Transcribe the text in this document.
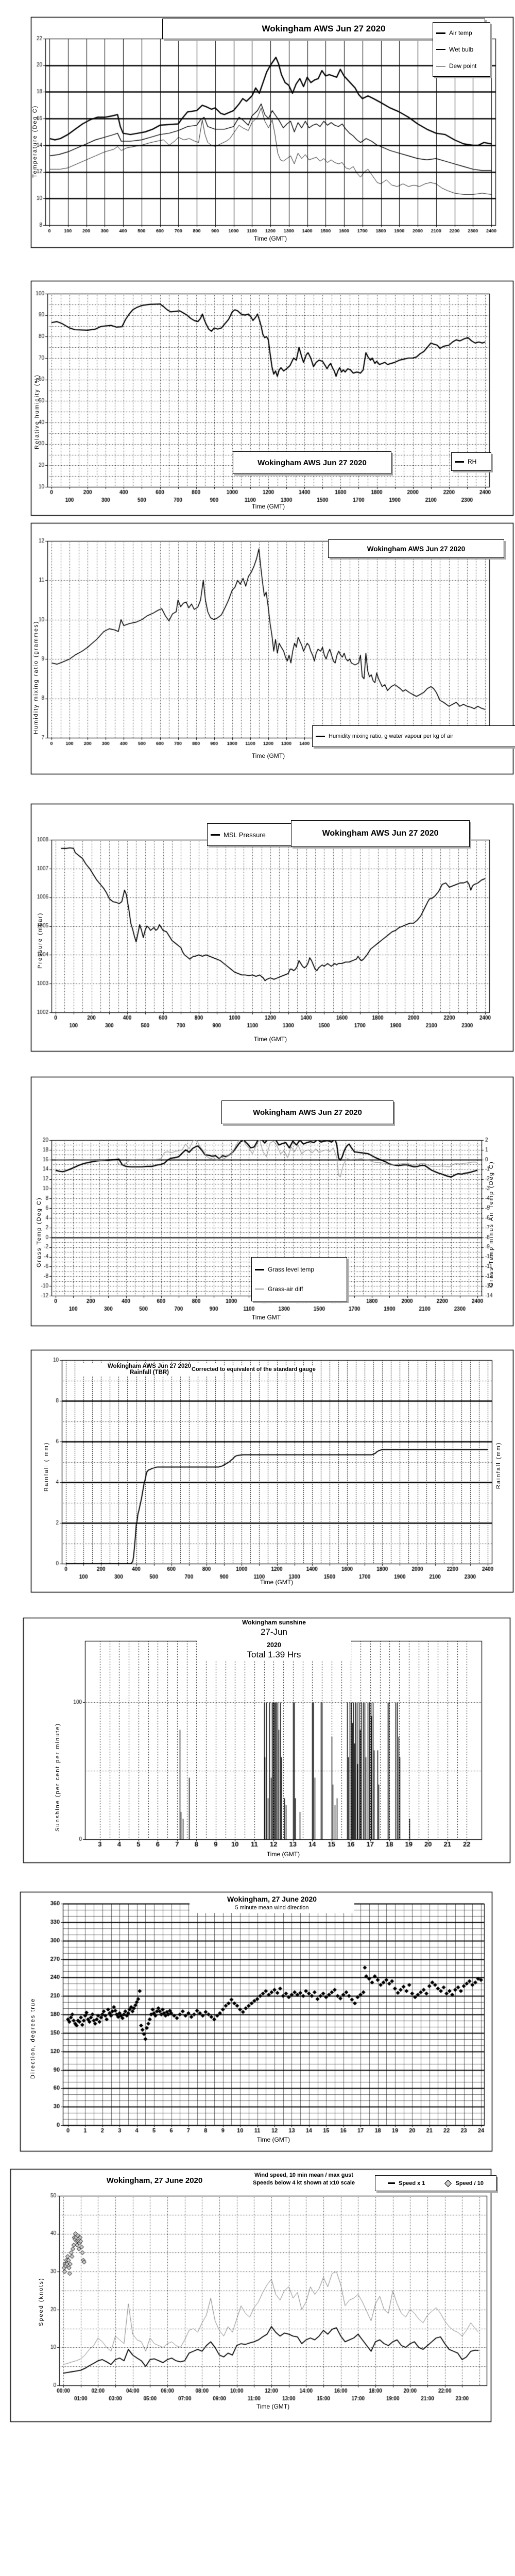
Wokingham AWS Jun 27 2020	Air temp
Wet bulb
Dew point
Temperature (Deg C)
Time (GMT)
Wokingham AWS Jun 27 2020	RH
Relative humidity (%)
Time (GMT)
Wokingham AWS Jun 27 2020
Humidity mixing ratio, g water vapour per kg of air
Humidity mixing ratio (grammes)
Time (GMT)
MSL Pressure	Wokingham AWS Jun 27 2020
Pressure (mbar)
Time (GMT)
Wokingham AWS Jun 27 2020
Grass level temp
Grass-air diff
Grass Temp (Deg C)	Grass Temp minus Air Temp (Deg C)
Time GMT
Wokingham AWS Jun 27 2020
Rainfall (TBR)	Corrected to equivalent of the standard gauge
Rainfall ( mm)	Rainfall (mm)
Time (GMT)
Wokingham sunshine
27-Jun
2020
Total 1.39 Hrs
Sunshine (per cent per minute)
Time (GMT)
Wokingham, 27 June 2020
5 minute mean wind direction
Direction, degrees true
Time (GMT)
Wokingham, 27 June 2020
Wind speed, 10 min mean / max gust
Speeds below 4 kt shown at x10 scale	Speed x 1	Speed / 10
Speed (knots)
Time (GMT)
